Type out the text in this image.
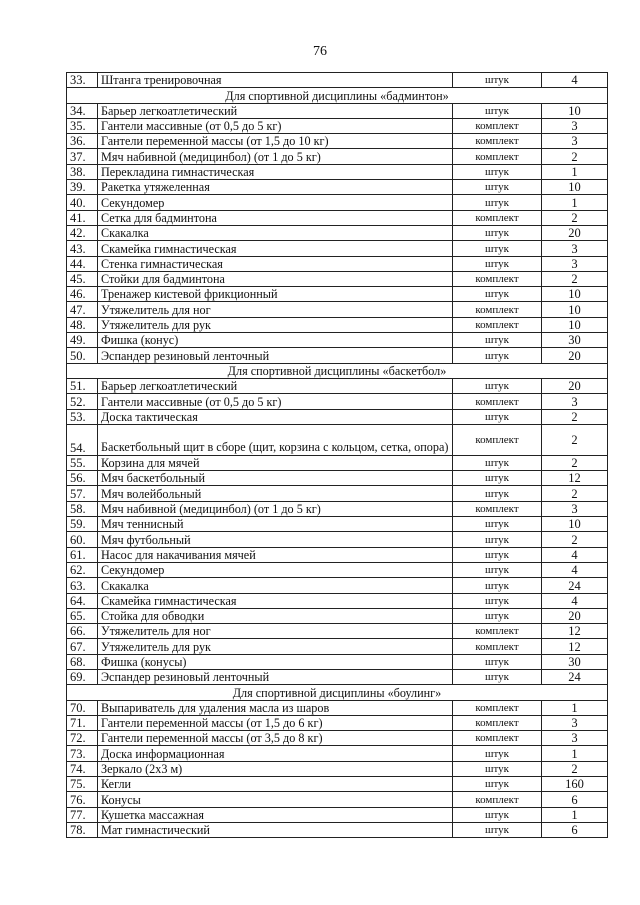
76
33.	Штанга тренировочная	штук	4
Для спортивной дисциплины «бадминтон»			
34.	Барьер легкоатлетический	штук	10
35.	Гантели массивные (от 0,5 до 5 кг)	комплект	3
36.	Гантели переменной массы (от 1,5 до 10 кг)	комплект	3
37.	Мяч набивной (медицинбол) (от 1 до 5 кг)	комплект	2
38.	Перекладина гимнастическая	штук	1
39.	Ракетка утяжеленная	штук	10
40.	Секундомер	штук	1
41.	Сетка для бадминтона	комплект	2
42.	Скакалка	штук	20
43.	Скамейка гимнастическая	штук	3
44.	Стенка гимнастическая	штук	3
45.	Стойки для бадминтона	комплект	2
46.	Тренажер кистевой фрикционный	штук	10
47.	Утяжелитель для ног	комплект	10
48.	Утяжелитель для рук	комплект	10
49.	Фишка (конус)	штук	30
50.	Эспандер резиновый ленточный	штук	20
Для спортивной дисциплины «баскетбол»			
51.	Барьер легкоатлетический	штук	20
52.	Гантели массивные (от 0,5 до 5 кг)	комплект	3
53.	Доска тактическая	штук	2
54.	Баскетбольный щит в сборе (щит, корзина с кольцом, сетка, опора)	комплект	2
55.	Корзина для мячей	штук	2
56.	Мяч баскетбольный	штук	12
57.	Мяч волейбольный	штук	2
58.	Мяч набивной (медицинбол) (от 1 до 5 кг)	комплект	3
59.	Мяч теннисный	штук	10
60.	Мяч футбольный	штук	2
61.	Насос для накачивания мячей	штук	4
62.	Секундомер	штук	4
63.	Скакалка	штук	24
64.	Скамейка гимнастическая	штук	4
65.	Стойка для обводки	штук	20
66.	Утяжелитель для ног	комплект	12
67.	Утяжелитель для рук	комплект	12
68.	Фишка (конусы)	штук	30
69.	Эспандер резиновый ленточный	штук	24
Для спортивной дисциплины «боулинг»			
70.	Выпариватель для удаления масла из шаров	комплект	1
71.	Гантели переменной массы (от 1,5 до 6 кг)	комплект	3
72.	Гантели переменной массы (от 3,5 до 8 кг)	комплект	3
73.	Доска информационная	штук	1
74.	Зеркало (2х3 м)	штук	2
75.	Кегли	штук	160
76.	Конусы	комплект	6
77.	Кушетка массажная	штук	1
78.	Мат гимнастический	штук	6
